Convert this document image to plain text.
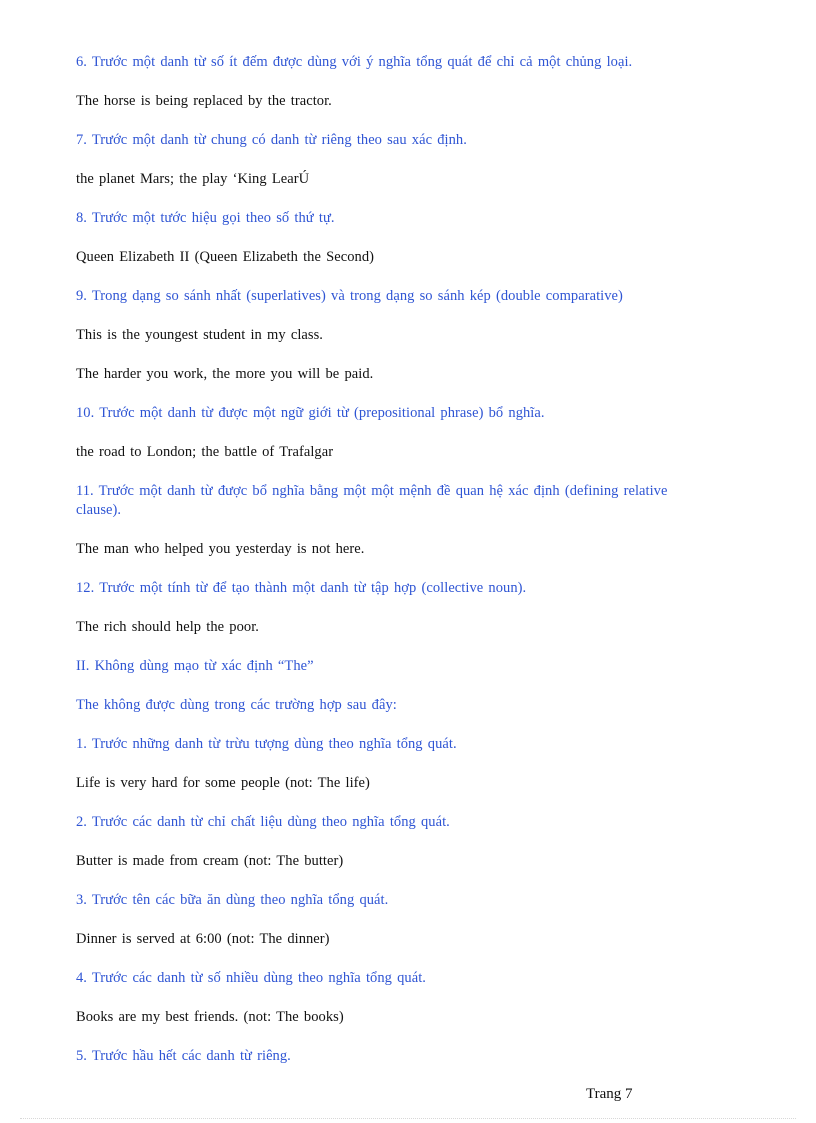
6. Trước một danh từ số ít đếm được dùng với ý nghĩa tổng quát để chỉ cả một chủng loại.

The horse is being replaced by the tractor.

7. Trước một danh từ chung có danh từ riêng theo sau xác định.

the planet Mars; the play ‘King LearÚ

8. Trước một tước hiệu gọi theo số thứ tự.

Queen Elizabeth II (Queen Elizabeth the Second)

9. Trong dạng so sánh nhất (superlatives) và trong dạng so sánh kép (double comparative)

This is the youngest student in my class.

The harder you work, the more you will be paid.

10. Trước một danh từ được một ngữ giới từ (prepositional phrase) bổ nghĩa.

the road to London; the battle of Trafalgar

11. Trước một danh từ được bổ nghĩa bằng một một mệnh đề quan hệ xác định (defining relative clause).

The man who helped you yesterday is not here.

12. Trước một tính từ để tạo thành một danh từ tập hợp (collective noun).

The rich should help the poor.

II. Không dùng mạo từ xác định “The”

The không được dùng trong các trường hợp sau đây:

1. Trước những danh từ trừu tượng dùng theo nghĩa tổng quát.

Life is very hard for some people (not: The life)

2. Trước các danh từ chỉ chất liệu dùng theo nghĩa tổng quát.

Butter is made from cream (not: The butter)

3. Trước tên các bữa ăn dùng theo nghĩa tổng quát.

Dinner is served at 6:00 (not: The dinner)

4. Trước các danh từ số nhiều dùng theo nghĩa tổng quát.

Books are my best friends. (not: The books)

5. Trước hầu hết các danh từ riêng.

Trang 7
